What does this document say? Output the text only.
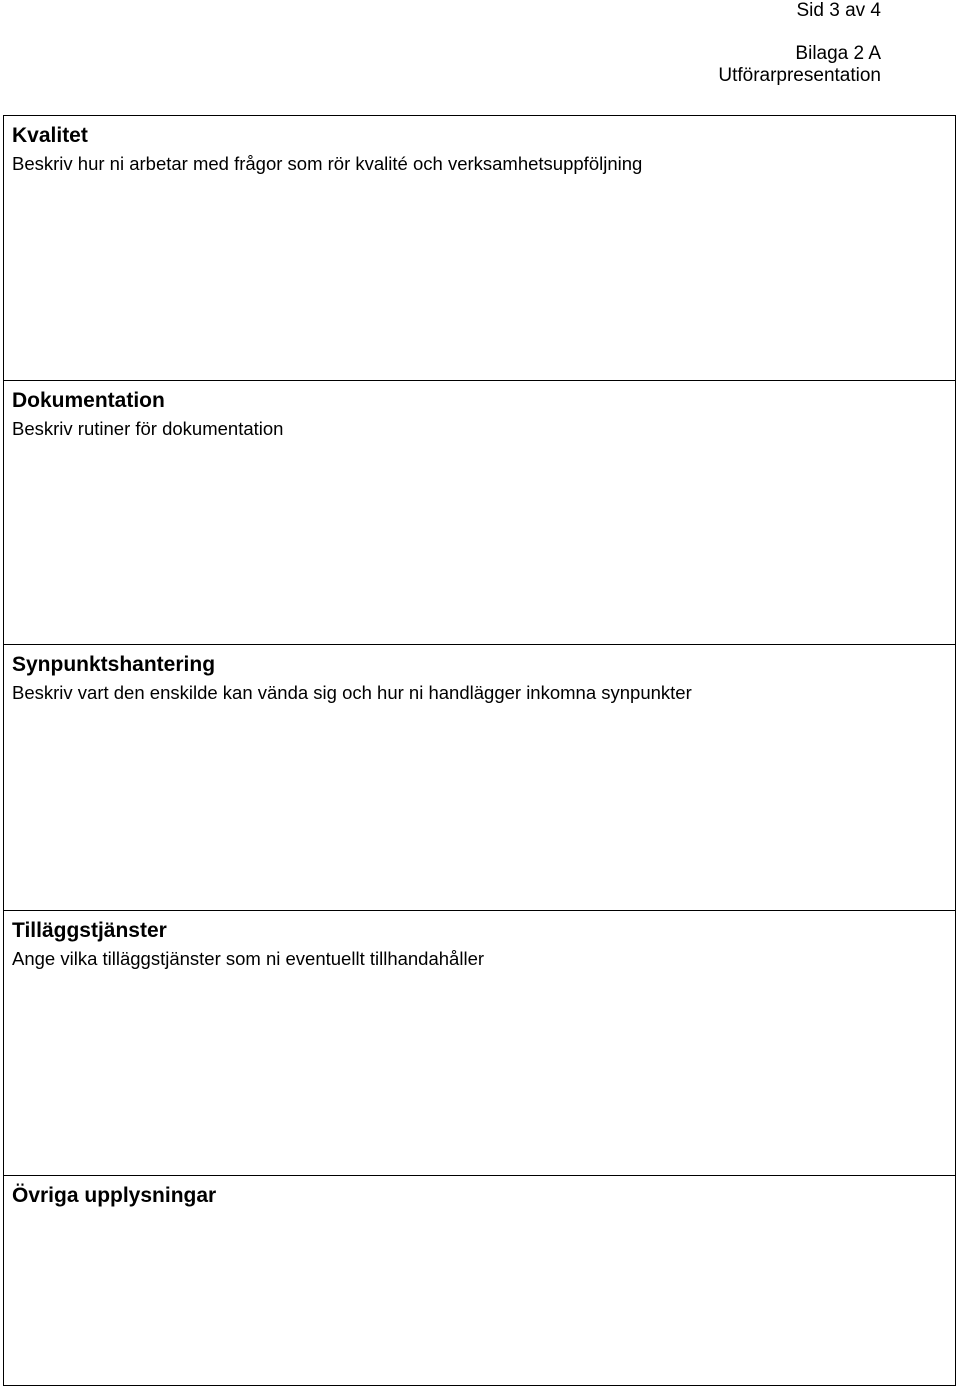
Sid 3 av 4
Bilaga 2 A
Utförarpresentation
Kvalitet
Beskriv hur ni arbetar med frågor som rör kvalité och verksamhetsuppföljning
Dokumentation
Beskriv rutiner för dokumentation
Synpunktshantering
Beskriv vart den enskilde kan vända sig och hur ni handlägger inkomna synpunkter
Tilläggstjänster
Ange vilka tilläggstjänster som ni eventuellt tillhandahåller
Övriga upplysningar
